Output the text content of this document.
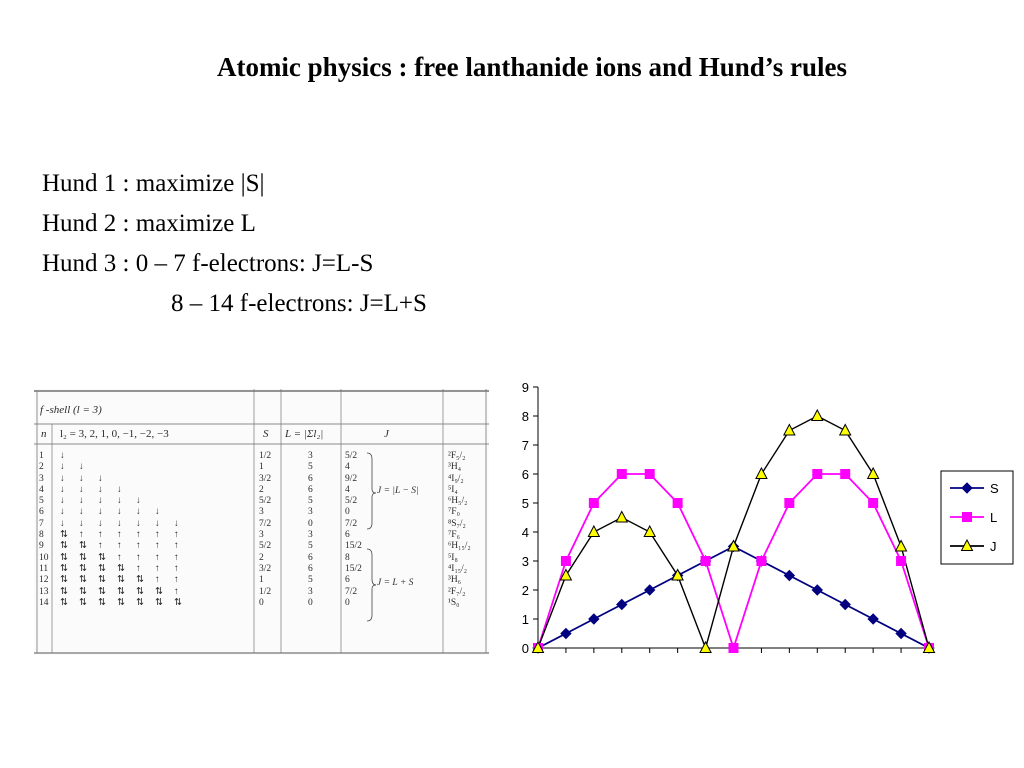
Atomic physics : free lanthanide ions and Hund’s rules
Hund 1 : maximize |S|
Hund 2 : maximize L
Hund 3 : 0 – 7 f-electrons: J=L-S
8 – 14 f-electrons: J=L+S
f -shell (l = 3)
n l₂ = 3, 2, 1, 0, −1, −2, −3	S L = |Σl₂|	J
1
2
3
4
5
6
7
8
9
10
11
12
13
14
↓
↓ ↓
↓ ↓ ↓
↓ ↓ ↓ ↓
↓ ↓ ↓ ↓ ↓
↓ ↓ ↓ ↓ ↓ ↓
↓ ↓ ↓ ↓ ↓ ↓ ↓
⇅ ↑ ↑ ↑ ↑ ↑ ↑
⇅ ⇅ ↑ ↑ ↑ ↑ ↑
⇅ ⇅ ⇅ ↑ ↑ ↑ ↑
⇅ ⇅ ⇅ ⇅ ↑ ↑ ↑
⇅ ⇅ ⇅ ⇅ ⇅ ↑ ↑
⇅ ⇅ ⇅ ⇅ ⇅ ⇅ ↑
⇅ ⇅ ⇅ ⇅ ⇅ ⇅ ⇅
1/2
1
3/2
2
5/2
3
7/2
3
5/2
2
3/2
1
1/2
0
3
5
6
6
5
3
0
3
5
6
6
5
3
0
5/2
4
9/2
4
5/2
0
7/2
6
15/2
8
15/2
6
7/2
0
²F₅/₂
³H₄
⁴I₉/₂
⁵I₄
⁶H₅/₂
⁷F₀
⁸S₇/₂
⁷F₆
⁶H₁₅/₂
⁵I₈
⁴I₁₅/₂
³H₆
²F₇/₂
¹S₀
J = |L − S|
J = L + S
0
1
2
3
4
5
6
7
8
9
S
L
J
